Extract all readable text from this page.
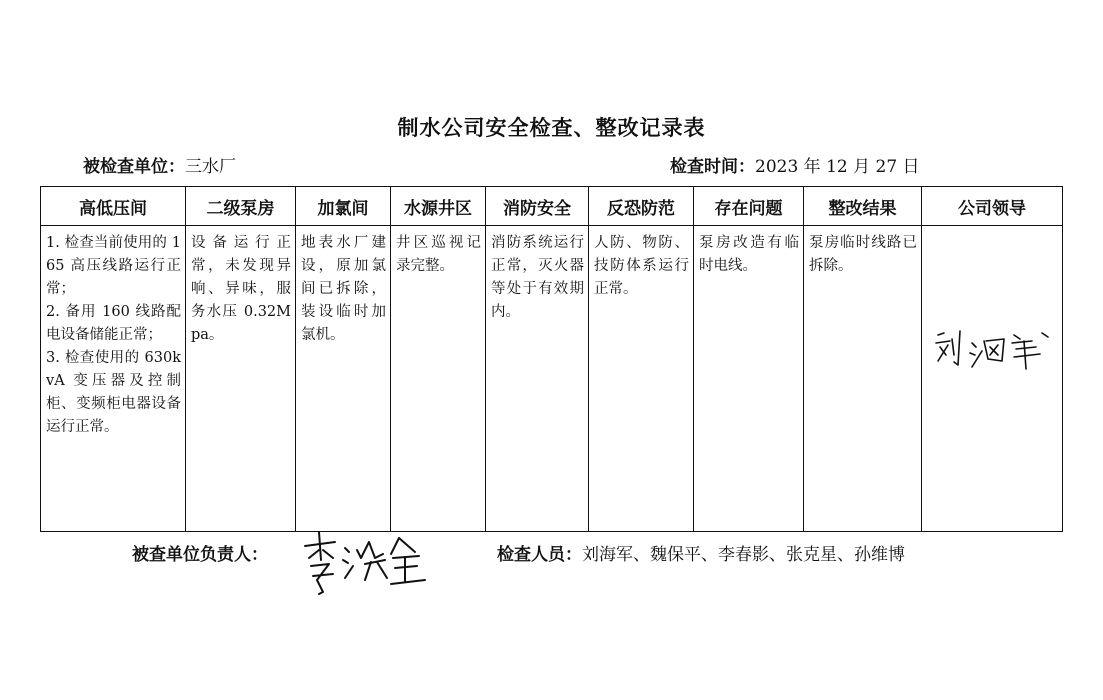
制水公司安全检查、整改记录表
被检查单位：三水厂	检查时间：2023 年 12 月 27 日
高低压间	二级泵房	加氯间	水源井区	消防安全	反恐防范	存在问题	整改结果	公司领导

1. 检查当前使用的 165 高压线路运行正常；
2. 备用 160 线路配电设备储能正常；
3. 检查使用的 630kvA 变压器及控制柜、变频柜电器设备运行正常。	设备运行正常，未发现异响、异味，服务水压 0.32Mpa。	地表水厂建设，原加氯间已拆除，装设临时加氯机。	井区巡视记录完整。	消防系统运行正常，灭火器等处于有效期内。	人防、物防、技防体系运行正常。	泵房改造有临时电线。	泵房临时线路已拆除。

被查单位负责人：	检查人员：刘海军、魏保平、李春影、张克星、孙维博
